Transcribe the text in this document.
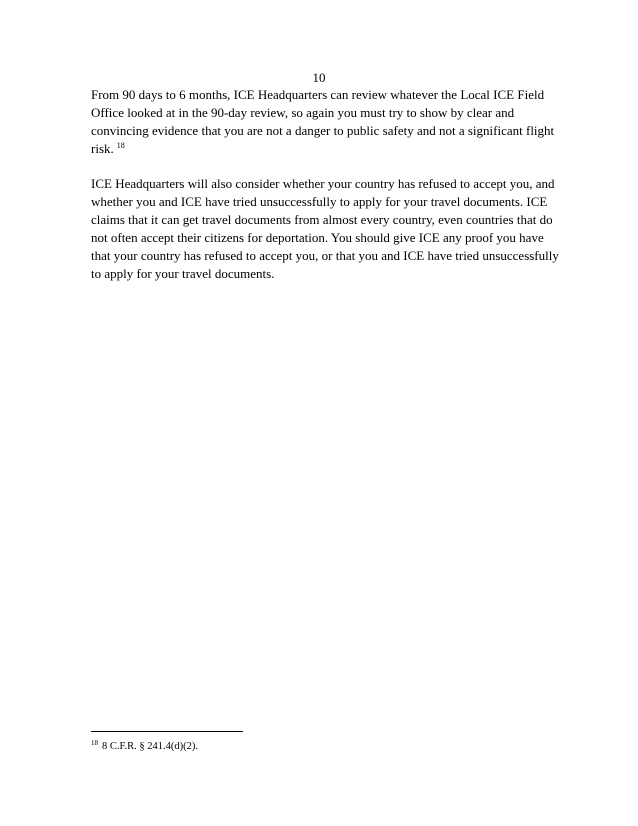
10

From 90 days to 6 months, ICE Headquarters can review whatever the Local ICE Field
Office looked at in the 90-day review, so again you must try to show by clear and
convincing evidence that you are not a danger to public safety and not a significant flight
risk. $^{18}$

ICE Headquarters will also consider whether your country has refused to accept you, and
whether you and ICE have tried unsuccessfully to apply for your travel documents. ICE
claims that it can get travel documents from almost every country, even countries that do
not often accept their citizens for deportation. You should give ICE any proof you have
that your country has refused to accept you, or that you and ICE have tried unsuccessfully
to apply for your travel documents.

$^{18}$ 8 C.F.R. § 241.4(d)(2).
